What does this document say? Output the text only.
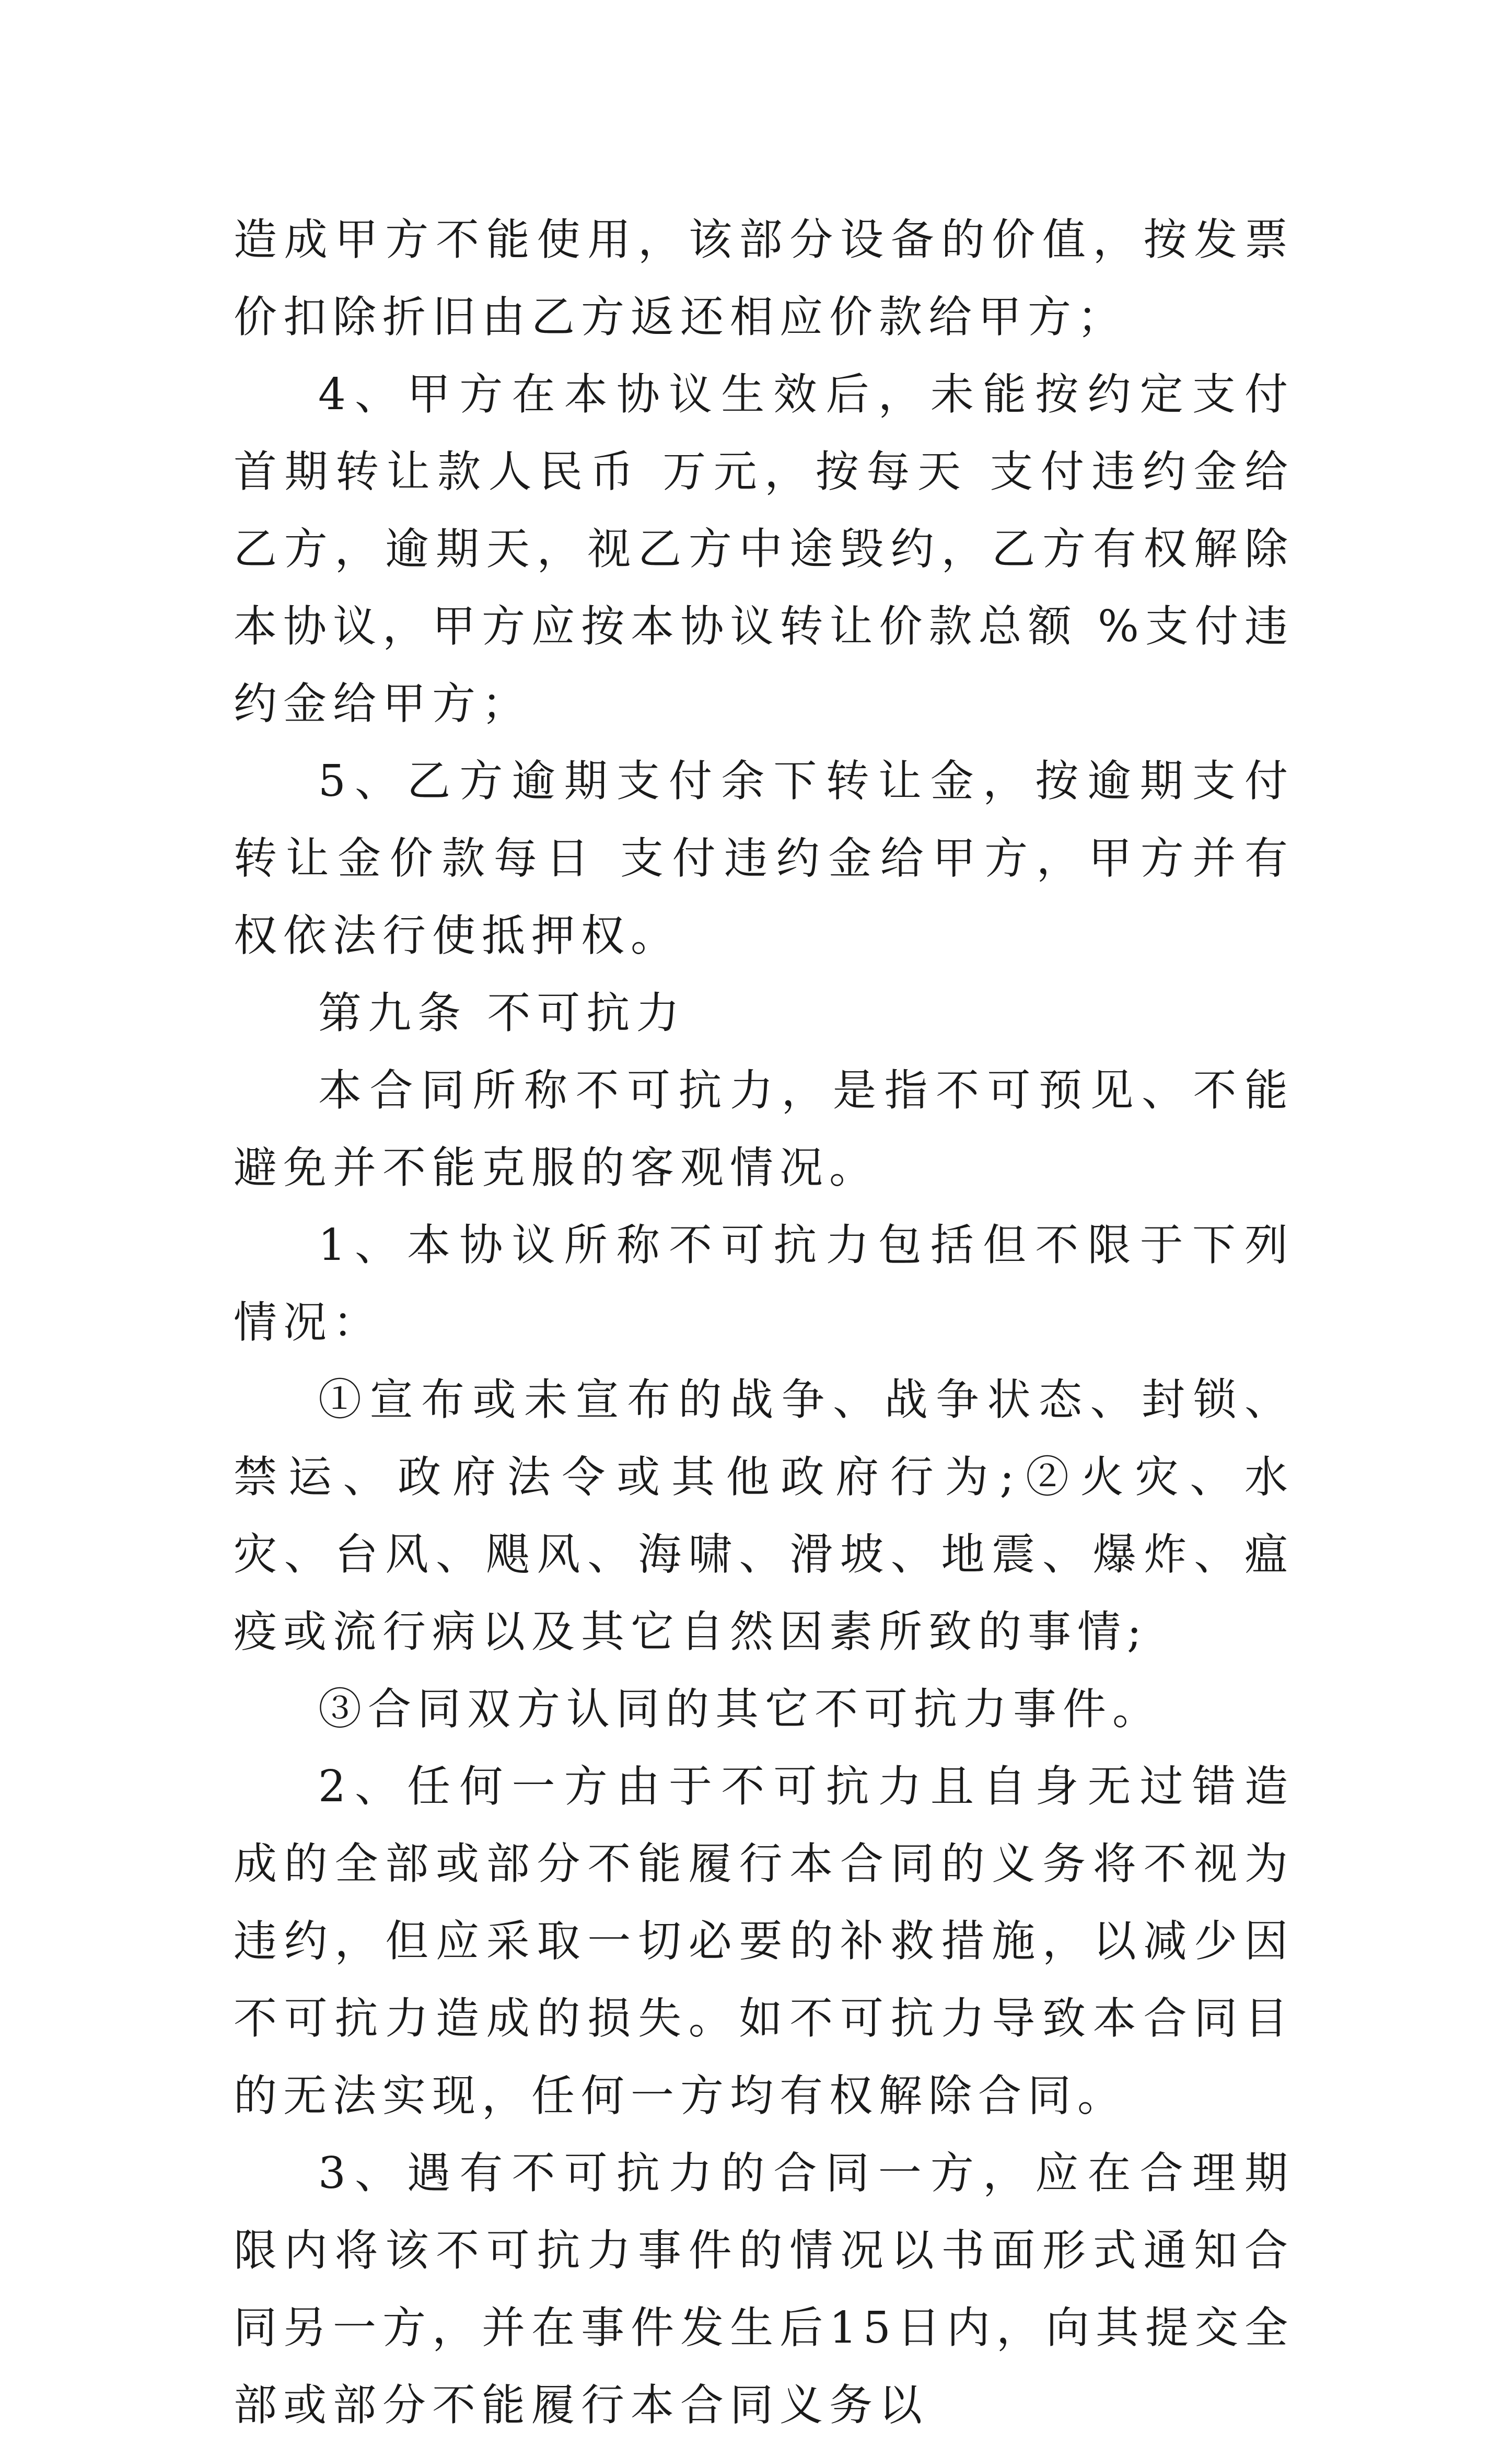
造成甲方不能使用，该部分设备的价值，按发票价扣除折旧由乙方返还相应价款给甲方；

4、甲方在本协议生效后，未能按约定支付首期转让款人民币 万元，按每天 支付违约金给乙方，逾期天，视乙方中途毁约，乙方有权解除本协议，甲方应按本协议转让价款总额 %支付违约金给甲方；

5、乙方逾期支付余下转让金，按逾期支付转让金价款每日 支付违约金给甲方，甲方并有权依法行使抵押权。

第九条 不可抗力

本合同所称不可抗力，是指不可预见、不能避免并不能克服的客观情况。

1、本协议所称不可抗力包括但不限于下列情况：

①宣布或未宣布的战争、战争状态、封锁、禁运、政府法令或其他政府行为;②火灾、水灾、台风、飓风、海啸、滑坡、地震、爆炸、瘟疫或流行病以及其它自然因素所致的事情;

③合同双方认同的其它不可抗力事件。

2、任何一方由于不可抗力且自身无过错造成的全部或部分不能履行本合同的义务将不视为违约，但应采取一切必要的补救措施，以减少因不可抗力造成的损失。如不可抗力导致本合同目的无法实现，任何一方均有权解除合同。

3、遇有不可抗力的合同一方，应在合理期限内将该不可抗力事件的情况以书面形式通知合同另一方，并在事件发生后15日内，向其提交全部或部分不能履行本合同义务以
